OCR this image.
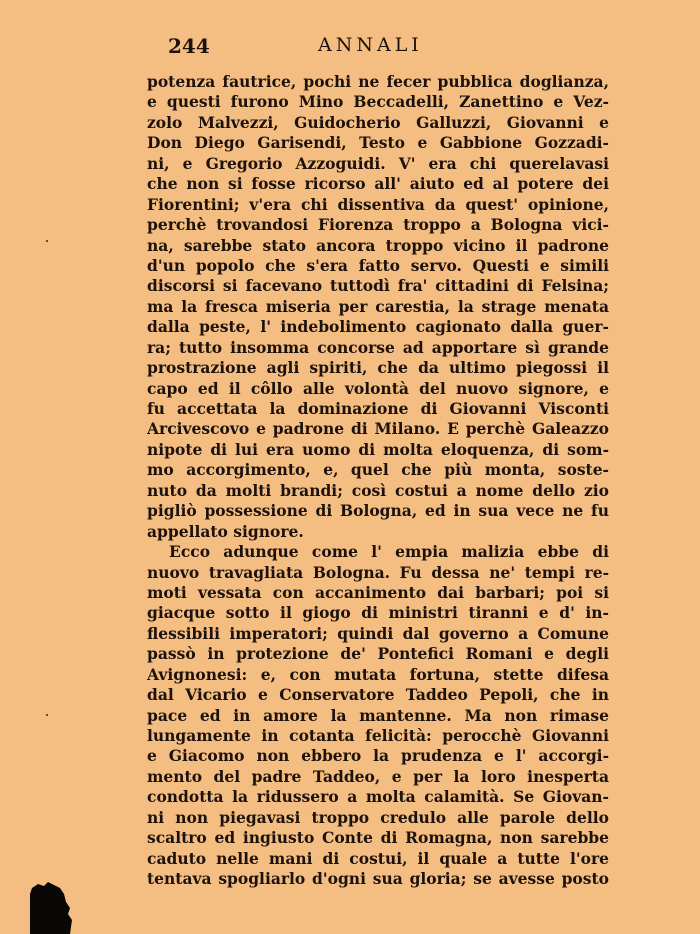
244	ANNALI
potenza fautrice, pochi ne fecer pubblica doglianza,
e questi furono Mino Beccadelli, Zanettino e Vez-
zolo Malvezzi, Guidocherio Galluzzi, Giovanni e
Don Diego Garisendi, Testo e Gabbione Gozzadi-
ni, e Gregorio Azzoguidi. V' era chi querelavasi
che non si fosse ricorso all' aiuto ed al potere dei
Fiorentini; v'era chi dissentiva da quest' opinione,
perchè trovandosi Fiorenza troppo a Bologna vici-
na, sarebbe stato ancora troppo vicino il padrone
d'un popolo che s'era fatto servo. Questi e simili
discorsi si facevano tuttodì fra' cittadini di Felsina;
ma la fresca miseria per carestia, la strage menata
dalla peste, l' indebolimento cagionato dalla guer-
ra; tutto insomma concorse ad apportare sì grande
prostrazione agli spiriti, che da ultimo piegossi il
capo ed il côllo alle volontà del nuovo signore, e
fu accettata la dominazione di Giovanni Visconti
Arcivescovo e padrone di Milano. E perchè Galeazzo
nipote di lui era uomo di molta eloquenza, di som-
mo accorgimento, e, quel che più monta, soste-
nuto da molti brandi; così costui a nome dello zio
pigliò possessione di Bologna, ed in sua vece ne fu
appellato signore.
Ecco adunque come l' empia malizia ebbe di
nuovo travagliata Bologna. Fu dessa ne' tempi re-
moti vessata con accanimento dai barbari; poi si
giacque sotto il giogo di ministri tiranni e d' in-
flessibili imperatori; quindi dal governo a Comune
passò in protezione de' Pontefici Romani e degli
Avignonesi: e, con mutata fortuna, stette difesa
dal Vicario e Conservatore Taddeo Pepoli, che in
pace ed in amore la mantenne. Ma non rimase
lungamente in cotanta felicità: perocchè Giovanni
e Giacomo non ebbero la prudenza e l' accorgi-
mento del padre Taddeo, e per la loro inesperta
condotta la ridussero a molta calamità. Se Giovan-
ni non piegavasi troppo credulo alle parole dello
scaltro ed ingiusto Conte di Romagna, non sarebbe
caduto nelle mani di costui, il quale a tutte l'ore
tentava spogliarlo d'ogni sua gloria; se avesse posto
